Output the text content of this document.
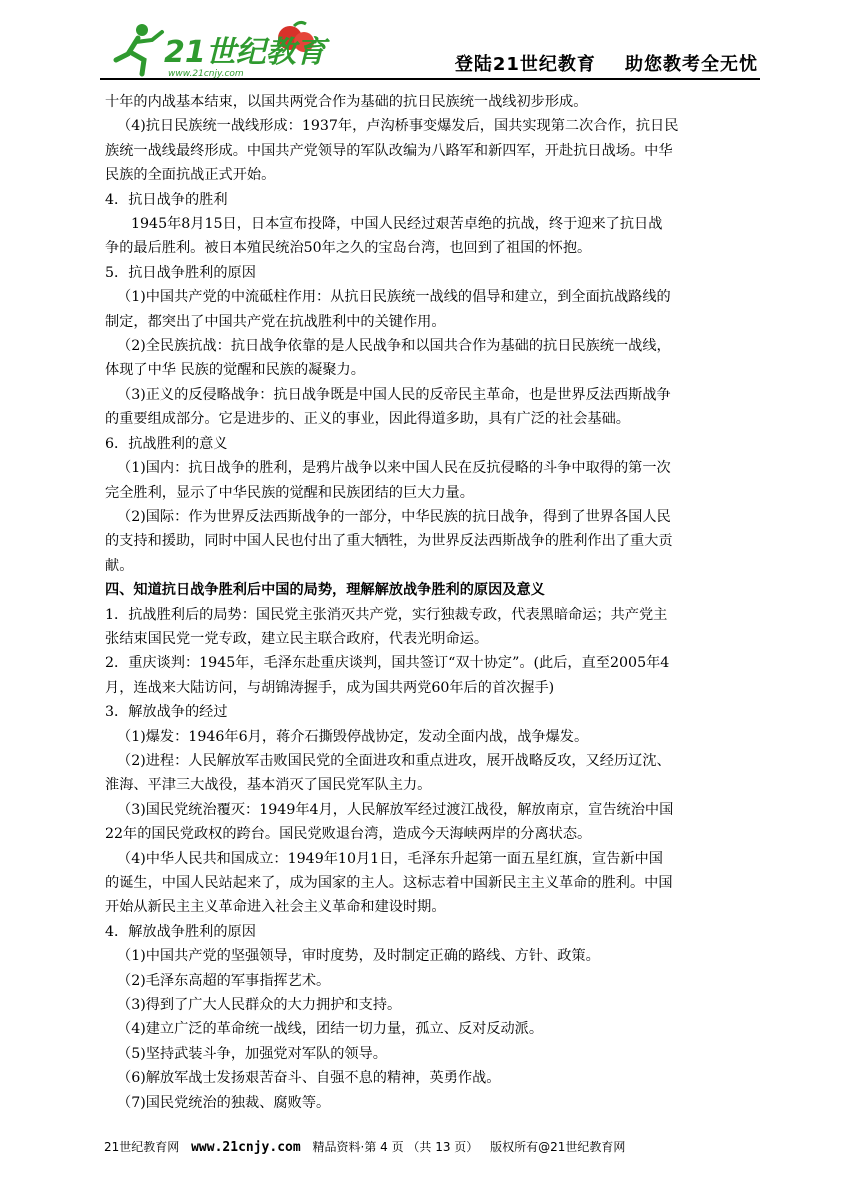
21世纪教育
www.21cnjy.com	登陆21世纪教育    助您教考全无忧

十年的内战基本结束，以国共两党合作为基础的抗日民族统一战线初步形成。

（4)抗日民族统一战线形成：1937年，卢沟桥事变爆发后，国共实现第二次合作，抗日民

族统一战线最终形成。中国共产党领导的军队改编为八路军和新四军，开赴抗日战场。中华

民族的全面抗战正式开始。

4．抗日战争的胜利

1945年8月15日，日本宣布投降，中国人民经过艰苦卓绝的抗战，终于迎来了抗日战

争的最后胜利。被日本殖民统治50年之久的宝岛台湾，也回到了祖国的怀抱。

5．抗日战争胜利的原因

（1)中国共产党的中流砥柱作用：从抗日民族统一战线的倡导和建立，到全面抗战路线的

制定，都突出了中国共产党在抗战胜利中的关键作用。

（2)全民族抗战：抗日战争依靠的是人民战争和以国共合作为基础的抗日民族统一战线，

体现了中华 民族的觉醒和民族的凝聚力。

（3)正义的反侵略战争：抗日战争既是中国人民的反帝民主革命，也是世界反法西斯战争

的重要组成部分。它是进步的、正义的事业，因此得道多助，具有广泛的社会基础。

6．抗战胜利的意义

（1)国内：抗日战争的胜利，是鸦片战争以来中国人民在反抗侵略的斗争中取得的第一次

完全胜利，显示了中华民族的觉醒和民族团结的巨大力量。

（2)国际：作为世界反法西斯战争的一部分，中华民族的抗日战争，得到了世界各国人民

的支持和援助，同时中国人民也付出了重大牺牲，为世界反法西斯战争的胜利作出了重大贡

献。

四、知道抗日战争胜利后中国的局势，理解解放战争胜利的原因及意义

1．抗战胜利后的局势：国民党主张消灭共产党，实行独裁专政，代表黑暗命运；共产党主

张结束国民党一党专政，建立民主联合政府，代表光明命运。

2．重庆谈判：1945年，毛泽东赴重庆谈判，国共签订“双十协定”。(此后，直至2005年4

月，连战来大陆访问，与胡锦涛握手，成为国共两党60年后的首次握手)

3．解放战争的经过

（1)爆发：1946年6月，蒋介石撕毁停战协定，发动全面内战，战争爆发。

（2)进程：人民解放军击败国民党的全面进攻和重点进攻，展开战略反攻，又经历辽沈、

淮海、平津三大战役，基本消灭了国民党军队主力。

（3)国民党统治覆灭：1949年4月，人民解放军经过渡江战役，解放南京，宣告统治中国

22年的国民党政权的跨台。国民党败退台湾，造成今天海峡两岸的分离状态。

（4)中华人民共和国成立：1949年10月1日，毛泽东升起第一面五星红旗，宣告新中国

的诞生，中国人民站起来了，成为国家的主人。这标志着中国新民主主义革命的胜利。中国

开始从新民主主义革命进入社会主义革命和建设时期。

4．解放战争胜利的原因

（1)中国共产党的坚强领导，审时度势，及时制定正确的路线、方针、政策。

（2)毛泽东高超的军事指挥艺术。

（3)得到了广大人民群众的大力拥护和支持。

（4)建立广泛的革命统一战线，团结一切力量，孤立、反对反动派。

（5)坚持武装斗争，加强党对军队的领导。

（6)解放军战士发扬艰苦奋斗、自强不息的精神，英勇作战。

（7)国民党统治的独裁、腐败等。

21世纪教育网 www.21cnjy.com 精品资料·第 4 页 （共 13 页） 版权所有@21世纪教育网
